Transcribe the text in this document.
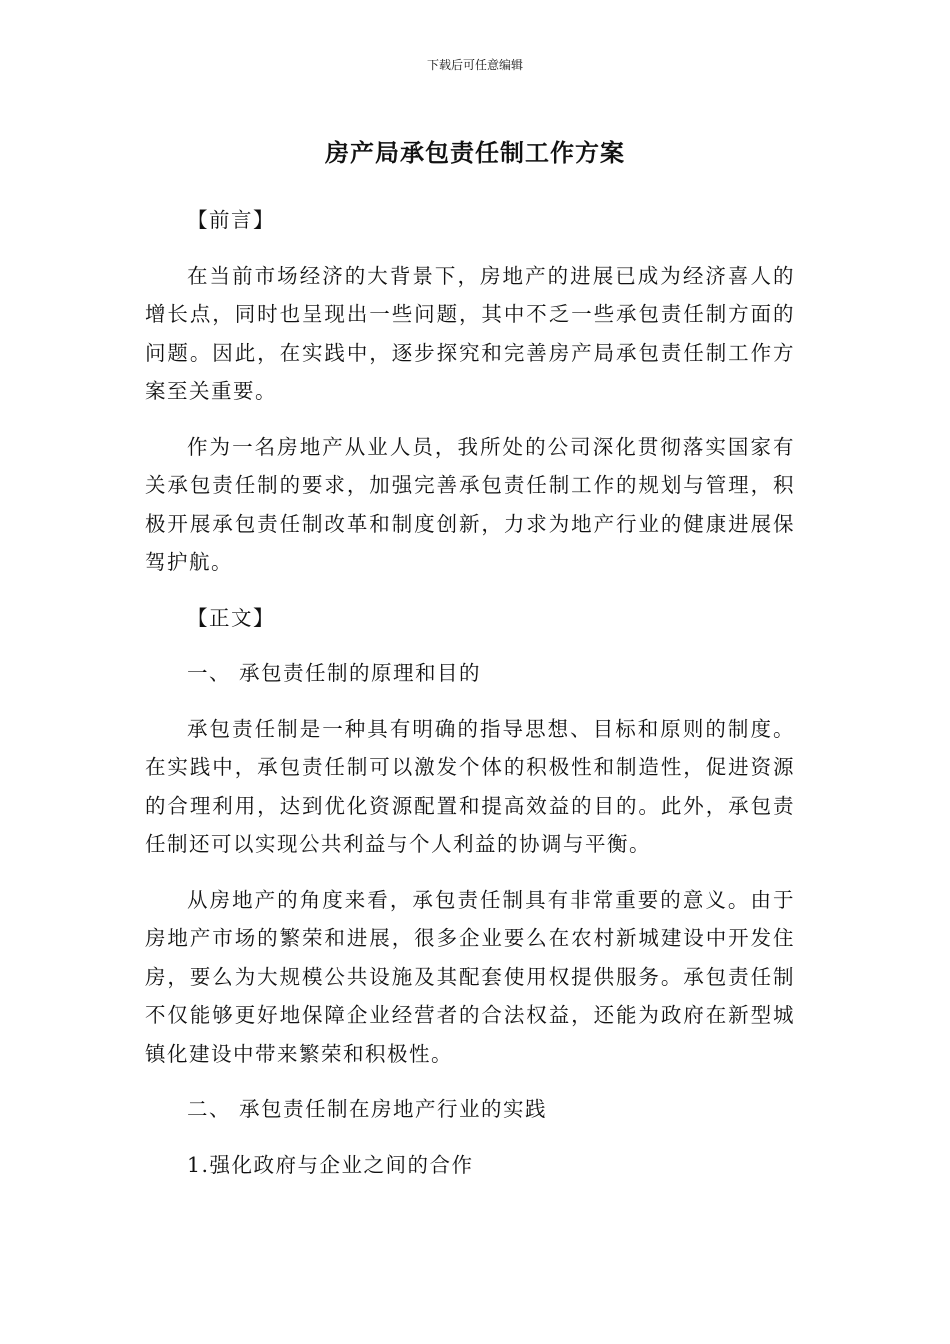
下载后可任意编辑
房产局承包责任制工作方案

【前言】

在当前市场经济的大背景下，房地产的进展已成为经济喜人的增长点，同时也呈现出一些问题，其中不乏一些承包责任制方面的问题。因此，在实践中，逐步探究和完善房产局承包责任制工作方案至关重要。

作为一名房地产从业人员，我所处的公司深化贯彻落实国家有关承包责任制的要求，加强完善承包责任制工作的规划与管理，积极开展承包责任制改革和制度创新，力求为地产行业的健康进展保驾护航。

【正文】

一、 承包责任制的原理和目的

承包责任制是一种具有明确的指导思想、目标和原则的制度。在实践中，承包责任制可以激发个体的积极性和制造性，促进资源的合理利用，达到优化资源配置和提高效益的目的。此外，承包责任制还可以实现公共利益与个人利益的协调与平衡。

从房地产的角度来看，承包责任制具有非常重要的意义。由于房地产市场的繁荣和进展，很多企业要么在农村新城建设中开发住房，要么为大规模公共设施及其配套使用权提供服务。承包责任制不仅能够更好地保障企业经营者的合法权益，还能为政府在新型城镇化建设中带来繁荣和积极性。

二、 承包责任制在房地产行业的实践

1.强化政府与企业之间的合作
